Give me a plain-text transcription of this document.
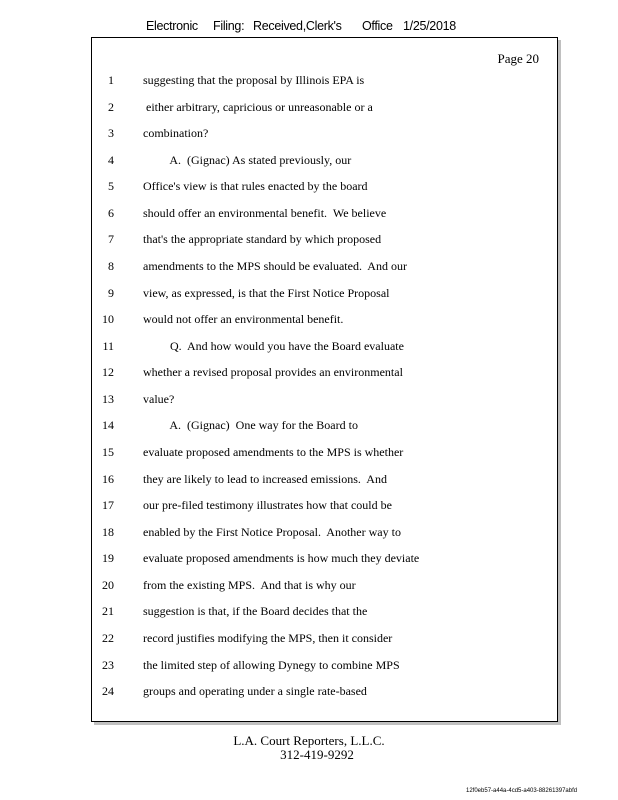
Electronic

Filing:

Received,Clerk's

Office

1/25/2018

Page 20
1 suggesting that the proposal by Illinois EPA is
2 either arbitrary, capricious or unreasonable or a
3 combination?
4 A.  (Gignac) As stated previously, our
5 Office's view is that rules enacted by the board
6 should offer an environmental benefit.  We believe
7 that's the appropriate standard by which proposed
8 amendments to the MPS should be evaluated.  And our
9 view, as expressed, is that the First Notice Proposal
10 would not offer an environmental benefit.
11 Q.  And how would you have the Board evaluate
12 whether a revised proposal provides an environmental
13 value?
14 A.  (Gignac)  One way for the Board to
15 evaluate proposed amendments to the MPS is whether
16 they are likely to lead to increased emissions.  And
17 our pre-filed testimony illustrates how that could be
18 enabled by the First Notice Proposal.  Another way to
19 evaluate proposed amendments is how much they deviate
20 from the existing MPS.  And that is why our
21 suggestion is that, if the Board decides that the
22 record justifies modifying the MPS, then it consider
23 the limited step of allowing Dynegy to combine MPS
24 groups and operating under a single rate-based
L.A. Court Reporters, L.L.C.
312-419-9292
12f0eb57-a44a-4cd5-a403-88261397abfd
